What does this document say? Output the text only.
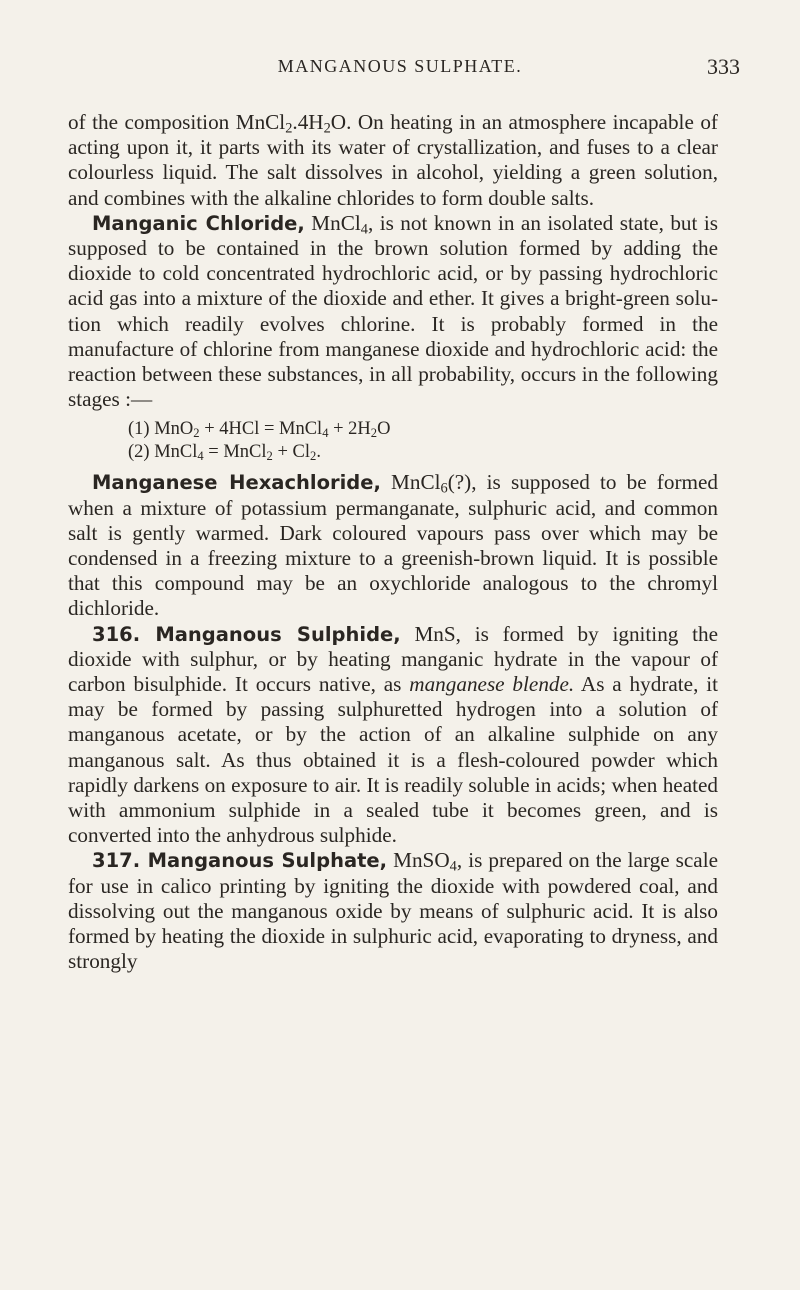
MANGANOUS SULPHATE.	333

of the composition $MnCl_2.4H_2O$. On heating in an atmosphere incapable of acting upon it, it parts with its water of crystallization, and fuses to a clear colourless liquid. The salt dissolves in alcohol, yielding a green solution, and combines with the alkaline chlorides to form double salts.

Manganic Chloride, MnCl$_4$, is not known in an isolated state, but is supposed to be contained in the brown solution formed by adding the dioxide to cold concentrated hydrochloric acid, or by passing hydrochloric acid gas into a mixture of the dioxide and ether. It gives a bright-green solution which readily evolves chlorine. It is probably formed in the manufacture of chlorine from manganese dioxide and hydrochloric acid: the reaction between these substances, in all probability, occurs in the following stages :—

(1) MnO$_2$ + 4HCl = MnCl$_4$ + $2H_2O$
(2) MnCl$_4$ = MnCl$_2$ + $Cl_2$.

Manganese Hexachloride, MnCl$_6$(?), is supposed to be formed when a mixture of potassium permanganate, sulphuric acid, and common salt is gently warmed. Dark coloured vapours pass over which may be condensed in a freezing mixture to a greenish-brown liquid. It is possible that this compound may be an oxychloride analogous to the chromyl dichloride.

316. Manganous Sulphide, MnS, is formed by igniting the dioxide with sulphur, or by heating manganic hydrate in the vapour of carbon bisulphide. It occurs native, as manganese blende. As a hydrate, it may be formed by passing sulphuretted hydrogen into a solution of manganous acetate, or by the action of an alkaline sulphide on any manganous salt. As thus obtained it is a flesh-coloured powder which rapidly darkens on exposure to air. It is readily soluble in acids; when heated with ammonium sulphide in a sealed tube it becomes green, and is converted into the anhydrous sulphide.

317. Manganous Sulphate, MnSO$_4$, is prepared on the large scale for use in calico printing by igniting the dioxide with powdered coal, and dissolving out the manganous oxide by means of sulphuric acid. It is also formed by heating the dioxide in sulphuric acid, evaporating to dryness, and strongly
